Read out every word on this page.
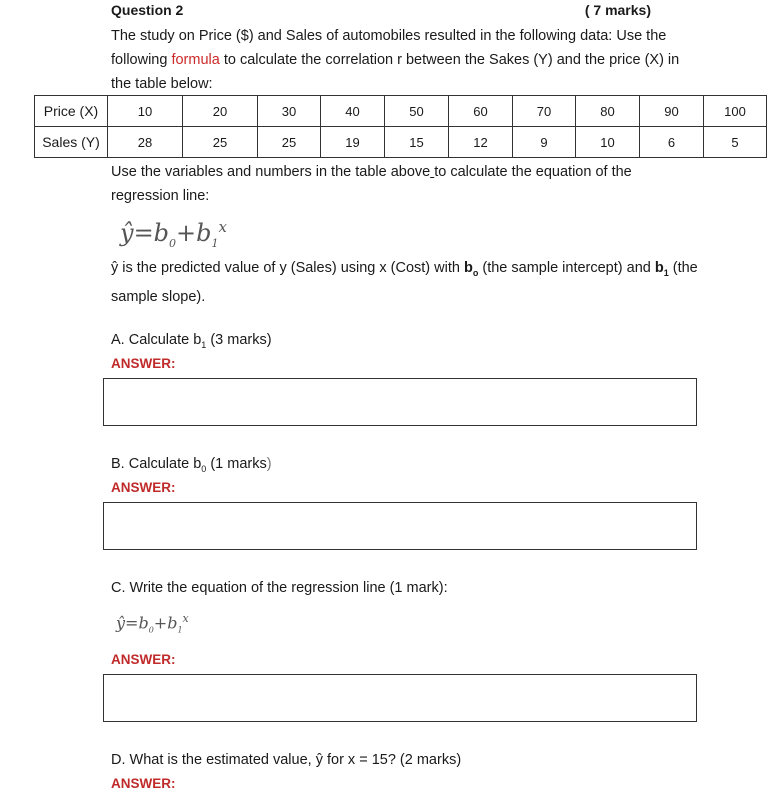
Question 2	( 7 marks)
The study on Price ($) and Sales of automobiles resulted in the following data: Use the following formula to calculate the correlation r between the Sakes (Y) and the price (X) in the table below:
Price (X)	10	20	30	40	50	60	70	80	90	100
Sales (Y)	28	25	25	19	15	12	9	10	6	5
Use the variables and numbers in the table above to calculate the equation of the regression line:
$ŷ=b_0+b_1^x$
ŷ is the predicted value of y (Sales) using x (Cost) with $b_o$ (the sample intercept) and $b_1$ (the sample slope).
A. Calculate $b_1$ (3 marks)
ANSWER:
B. Calculate $b_0$ (1 marks)
ANSWER:
C. Write the equation of the regression line (1 mark):
$ŷ=b_0+b_1^x$
ANSWER:
D. What is the estimated value, ŷ for x = 15? (2 marks)
ANSWER:
